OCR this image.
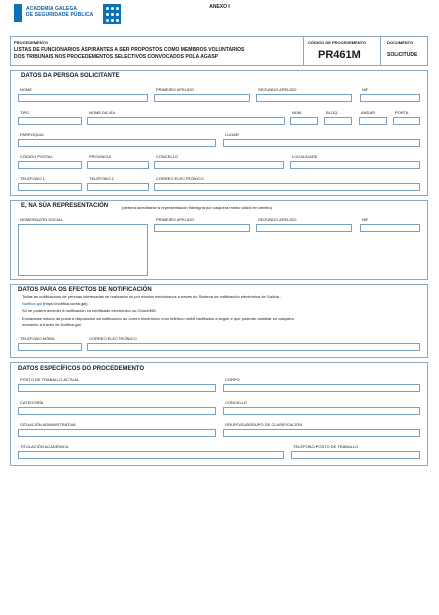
ACADEMIA GALEGA
DE SEGURIDADE PÚBLICA
ANEXO I
PROCEDEMENTO
LISTAS DE FUNCIONARIOS ASPIRANTES A SER PROPOSTOS COMO MEMBROS VOLUNTARIOS
DOS TRIBUNAIS NOS PROCEDEMENTOS SELECTIVOS CONVOCADOS POLA AGASP
CÓDIGO DE PROCEDEMENTO
PR461M
DOCUMENTO
SOLICITUDE
DATOS DA PERSOA SOLICITANTE
NOME	PRIMEIRO APELIDO	SEGUNDO APELIDO	NIF
TIPO	NOME DA VÍA	NÚM.	BLOQ.	ANDAR	PORTA
PARROQUIA	LUGAR
CÓDIGO POSTAL	PROVINCIA	CONCELLO	LOCALIDADE
TELÉFONO 1	TELÉFONO 2	CORREO ELECTRÓNICO
E, NA SÚA REPRESENTACIÓN	(deberá acreditarse a representación fidedigna por calquera medio válido en dereito)
NOME/RAZÓN SOCIAL	PRIMEIRO APELIDO	SEGUNDO APELIDO	NIF
DATOS PARA OS EFECTOS DE NOTIFICACIÓN
Todas as notificacións de persoas interesadas se realizarán só por medios electrónicos a través do Sistema de notificación electrónica de Galicia -
Notifica.gal (https://notifica.xunta.gal).
Só se poderá acceder á notificación co certificado electrónico ou Chave365.
Enviaranse avisos da posta á disposición da notificación ao correo electrónico e/ou teléfono móbil facilitados a seguir e que poderán cambiar en calquera
momento a través de Notifica.gal.
TELÉFONO MÓBIL	CORREO ELECTRÓNICO
DATOS ESPECÍFICOS DO PROCEDEMENTO
POSTO DE TRABALLO ACTUAL	CORPO
CATEGORÍA	CONCELLO
SITUACIÓN ADMINISTRATIVA	GRUPO/SUBGRUPO DE CLASIFICACIÓN
TITULACIÓN ACADÉMICA	TELÉFONO POSTO DE TRABALLO
